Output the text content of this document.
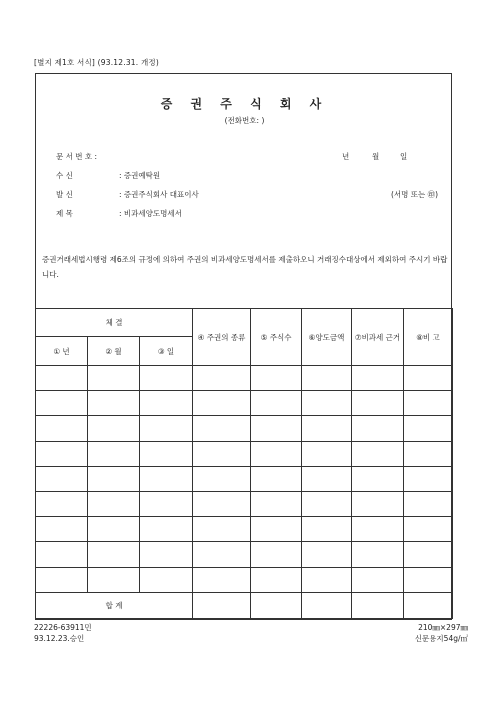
[별지 제1호 서식] (93.12.31. 개정)
증 권 주 식 회 사
(전화번호: )
문 서 번 호 :	년	월	일
수 신	: 증권예탁원
발 신	: 증권주식회사 대표이사	(서명 또는 ㊞)
제 목	: 비과세양도명세서
증권거래세법시행령 제6조의 규정에 의하여 주권의 비과세양도명세서를 제출하오니 거래징수대상에서 제외하여 주시기 바랍니다.
체 결			④ 주권의 종류	⑤ 주식수	⑥양도금액	⑦비과세 근거	⑧비 고
① 년	② 월	③ 일					

합 계							
22226-63911민
93.12.23.승인
210㎜×297㎜
신문용지54g/㎡
